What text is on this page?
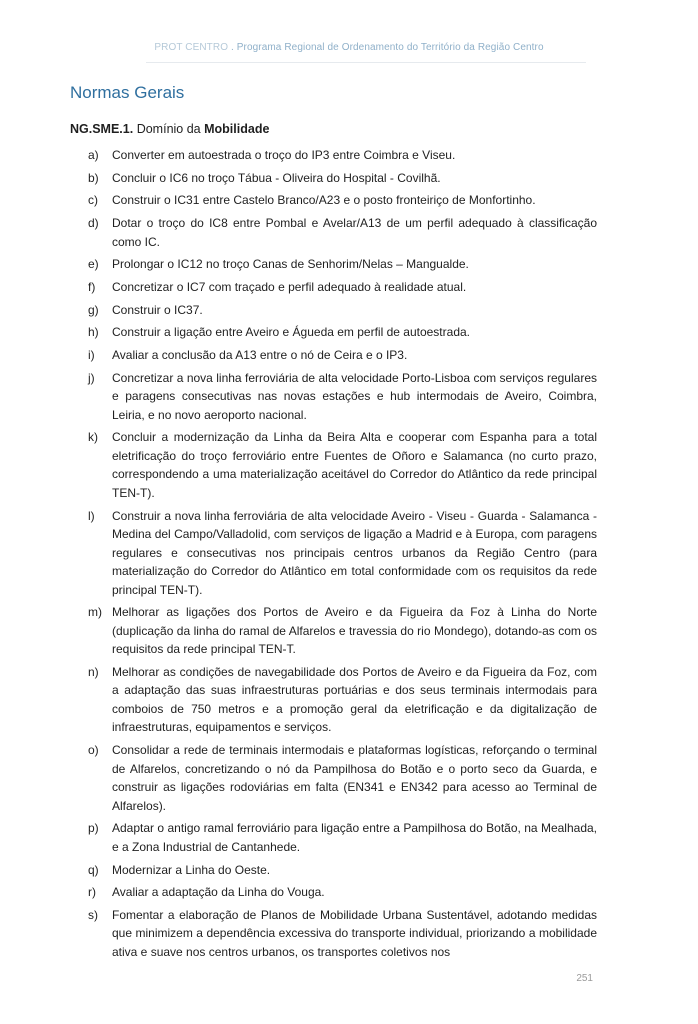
PROT CENTRO . Programa Regional de Ordenamento do Território da Região Centro
Normas Gerais
NG.SME.1. Domínio da Mobilidade
a)	Converter em autoestrada o troço do IP3 entre Coimbra e Viseu.
b)	Concluir o IC6 no troço Tábua - Oliveira do Hospital - Covilhã.
c)	Construir o IC31 entre Castelo Branco/A23 e o posto fronteiriço de Monfortinho.
d)	Dotar o troço do IC8 entre Pombal e Avelar/A13 de um perfil adequado à classificação como IC.
e)	Prolongar o IC12 no troço Canas de Senhorim/Nelas – Mangualde.
f)	Concretizar o IC7 com traçado e perfil adequado à realidade atual.
g)	Construir o IC37.
h)	Construir a ligação entre Aveiro e Águeda em perfil de autoestrada.
i)	Avaliar a conclusão da A13 entre o nó de Ceira e o IP3.
j)	Concretizar a nova linha ferroviária de alta velocidade Porto-Lisboa com serviços regulares e paragens consecutivas nas novas estações e hub intermodais de Aveiro, Coimbra, Leiria, e no novo aeroporto nacional.
k)	Concluir a modernização da Linha da Beira Alta e cooperar com Espanha para a total eletrificação do troço ferroviário entre Fuentes de Oñoro e Salamanca (no curto prazo, correspondendo a uma materialização aceitável do Corredor do Atlântico da rede principal TEN-T).
l)	Construir a nova linha ferroviária de alta velocidade Aveiro - Viseu - Guarda - Salamanca - Medina del Campo/Valladolid, com serviços de ligação a Madrid e à Europa, com paragens regulares e consecutivas nos principais centros urbanos da Região Centro (para materialização do Corredor do Atlântico em total conformidade com os requisitos da rede principal TEN-T).
m) Melhorar as ligações dos Portos de Aveiro e da Figueira da Foz à Linha do Norte (duplicação da linha do ramal de Alfarelos e travessia do rio Mondego), dotando-as com os requisitos da rede principal TEN-T.
n)	Melhorar as condições de navegabilidade dos Portos de Aveiro e da Figueira da Foz, com a adaptação das suas infraestruturas portuárias e dos seus terminais intermodais para comboios de 750 metros e a promoção geral da eletrificação e da digitalização de infraestruturas, equipamentos e serviços.
o)	Consolidar a rede de terminais intermodais e plataformas logísticas, reforçando o terminal de Alfarelos, concretizando o nó da Pampilhosa do Botão e o porto seco da Guarda, e construir as ligações rodoviárias em falta (EN341 e EN342 para acesso ao Terminal de Alfarelos).
p)	Adaptar o antigo ramal ferroviário para ligação entre a Pampilhosa do Botão, na Mealhada, e a Zona Industrial de Cantanhede.
q)	Modernizar a Linha do Oeste.
r)	Avaliar a adaptação da Linha do Vouga.
s)	Fomentar a elaboração de Planos de Mobilidade Urbana Sustentável, adotando medidas que minimizem a dependência excessiva do transporte individual, priorizando a mobilidade ativa e suave nos centros urbanos, os transportes coletivos nos
251
